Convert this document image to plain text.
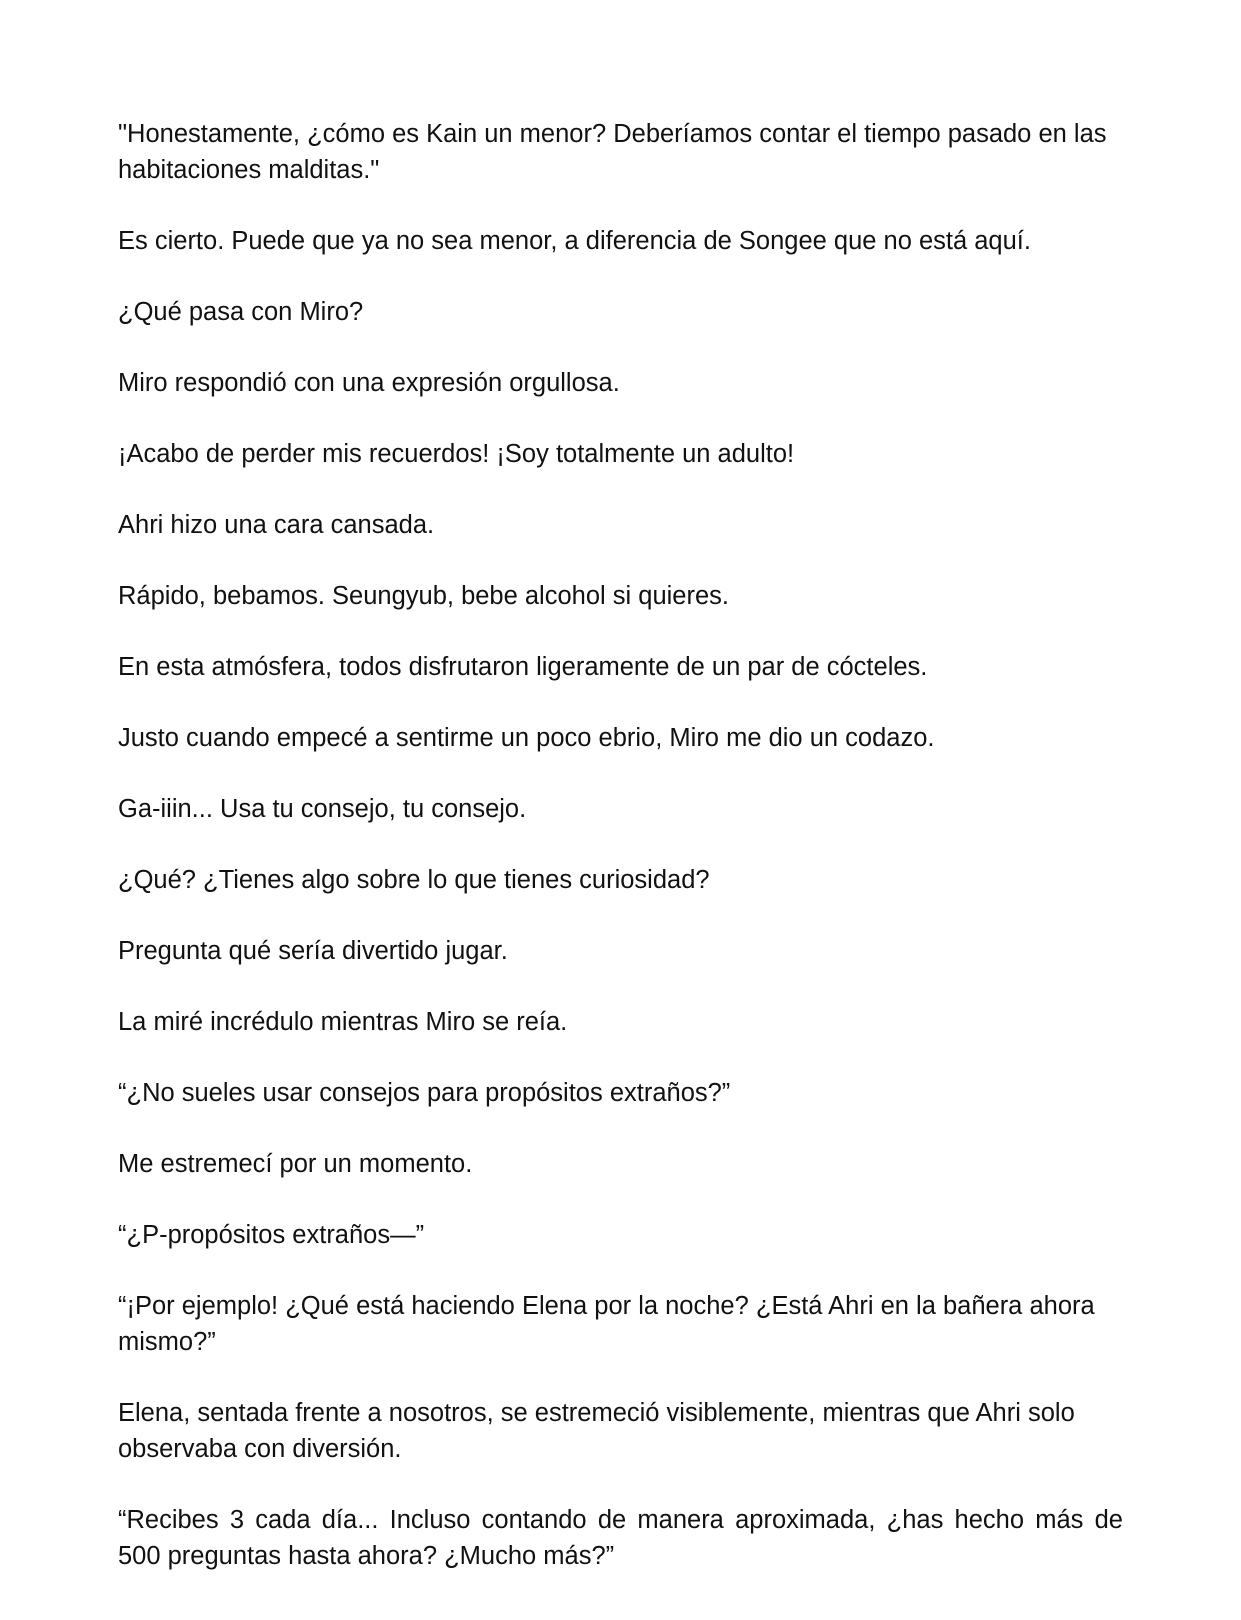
"Honestamente, ¿cómo es Kain un menor? Deberíamos contar el tiempo pasado en las habitaciones malditas."

Es cierto. Puede que ya no sea menor, a diferencia de Songee que no está aquí.

¿Qué pasa con Miro?

Miro respondió con una expresión orgullosa.

¡Acabo de perder mis recuerdos! ¡Soy totalmente un adulto!

Ahri hizo una cara cansada.

Rápido, bebamos. Seungyub, bebe alcohol si quieres.

En esta atmósfera, todos disfrutaron ligeramente de un par de cócteles.

Justo cuando empecé a sentirme un poco ebrio, Miro me dio un codazo.

Ga-iiin... Usa tu consejo, tu consejo.

¿Qué? ¿Tienes algo sobre lo que tienes curiosidad?

Pregunta qué sería divertido jugar.

La miré incrédulo mientras Miro se reía.

“¿No sueles usar consejos para propósitos extraños?”

Me estremecí por un momento.

“¿P-propósitos extraños—”

“¡Por ejemplo! ¿Qué está haciendo Elena por la noche? ¿Está Ahri en la bañera ahora mismo?”

Elena, sentada frente a nosotros, se estremeció visiblemente, mientras que Ahri solo observaba con diversión.

“Recibes 3 cada día... Incluso contando de manera aproximada, ¿has hecho más de 500 preguntas hasta ahora? ¿Mucho más?”
